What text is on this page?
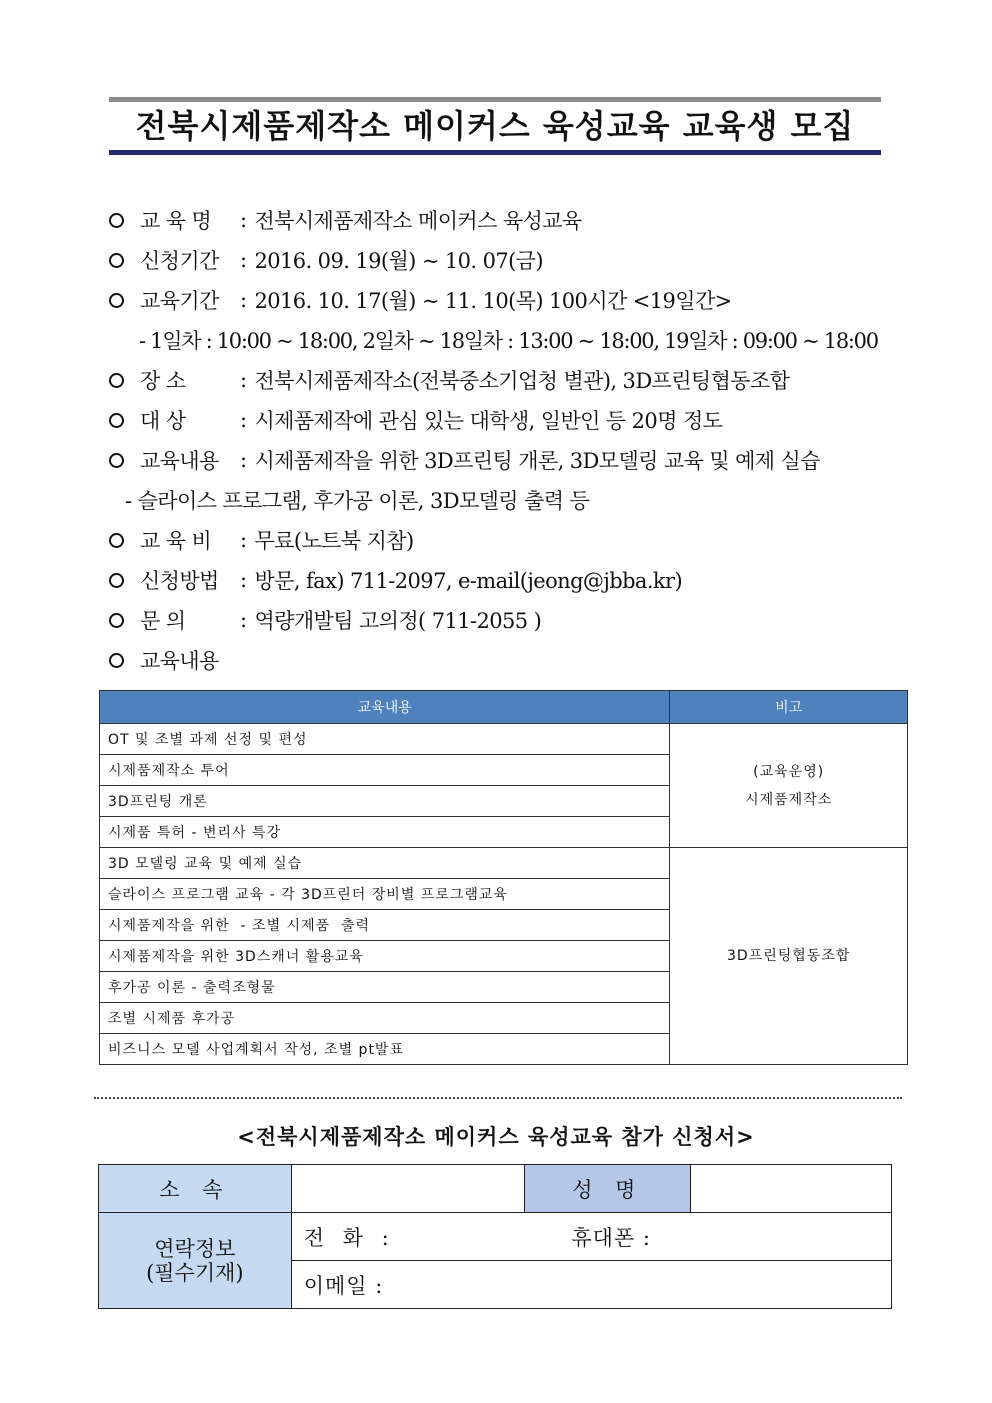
전북시제품제작소 메이커스 육성교육 교육생 모집
교 육 명	: 전북시제품제작소 메이커스 육성교육
신청기간	: 2016. 09. 19(월) ~ 10. 07(금)
교육기간	: 2016. 10. 17(월) ~ 11. 10(목) 100시간 <19일간>
- 1일차 : 10:00 ~ 18:00, 2일차 ~ 18일차 : 13:00 ~ 18:00, 19일차 : 09:00 ~ 18:00
장 소	: 전북시제품제작소(전북중소기업청 별관), 3D프린팅협동조합
대 상	: 시제품제작에 관심 있는 대학생, 일반인 등 20명 정도
교육내용	: 시제품제작을 위한 3D프린팅 개론, 3D모델링 교육 및 예제 실습
- 슬라이스 프로그램, 후가공 이론, 3D모델링 출력 등
교 육 비	: 무료(노트북 지참)
신청방법	: 방문, fax) 711-2097, e-mail(jeong@jbba.kr)
문 의	: 역량개발팀 고의정( 711-2055 )
교육내용
교육내용	비고
OT 및 조별 과제 선정 및 편성	(교육운영)
시제품제작소

시제품제작소 투어	
3D프린팅 개론	
시제품 특허 - 변리사 특강	
3D 모델링 교육 및 예제 실습	3D프린팅협동조합
슬라이스 프로그램 교육 - 각 3D프린터 장비별 프로그램교육	
시제품제작을 위한  - 조별 시제품  출력	
시제품제작을 위한 3D스캐너 활용교육	
후가공 이론 - 출력조형물	
조별 시제품 후가공	
비즈니스 모델 사업계획서 작성, 조별 pt발표	
<전북시제품제작소 메이커스 육성교육 참가 신청서>
소 속		성 명	

연락정보
(필수기재)	전 화 : 휴대폰 :		
	이메일 :		
